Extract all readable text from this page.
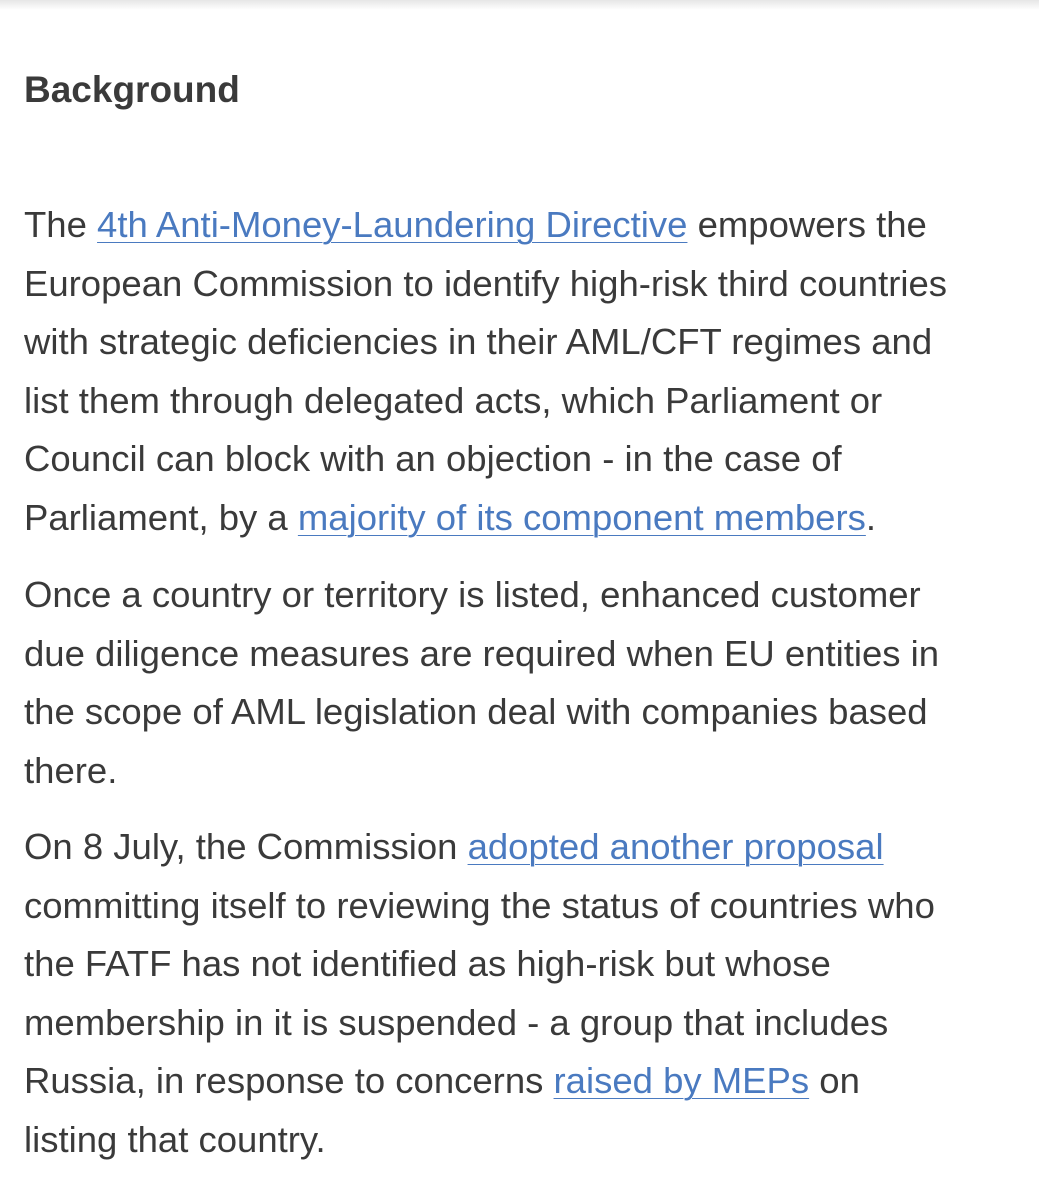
Background

The 4th Anti-Money-Laundering Directive empowers the
European Commission to identify high-risk third countries
with strategic deficiencies in their AML/CFT regimes and
list them through delegated acts, which Parliament or
Council can block with an objection - in the case of
Parliament, by a majority of its component members.

Once a country or territory is listed, enhanced customer
due diligence measures are required when EU entities in
the scope of AML legislation deal with companies based
there.

On 8 July, the Commission adopted another proposal
committing itself to reviewing the status of countries who
the FATF has not identified as high-risk but whose
membership in it is suspended - a group that includes
Russia, in response to concerns raised by MEPs on
listing that country.
